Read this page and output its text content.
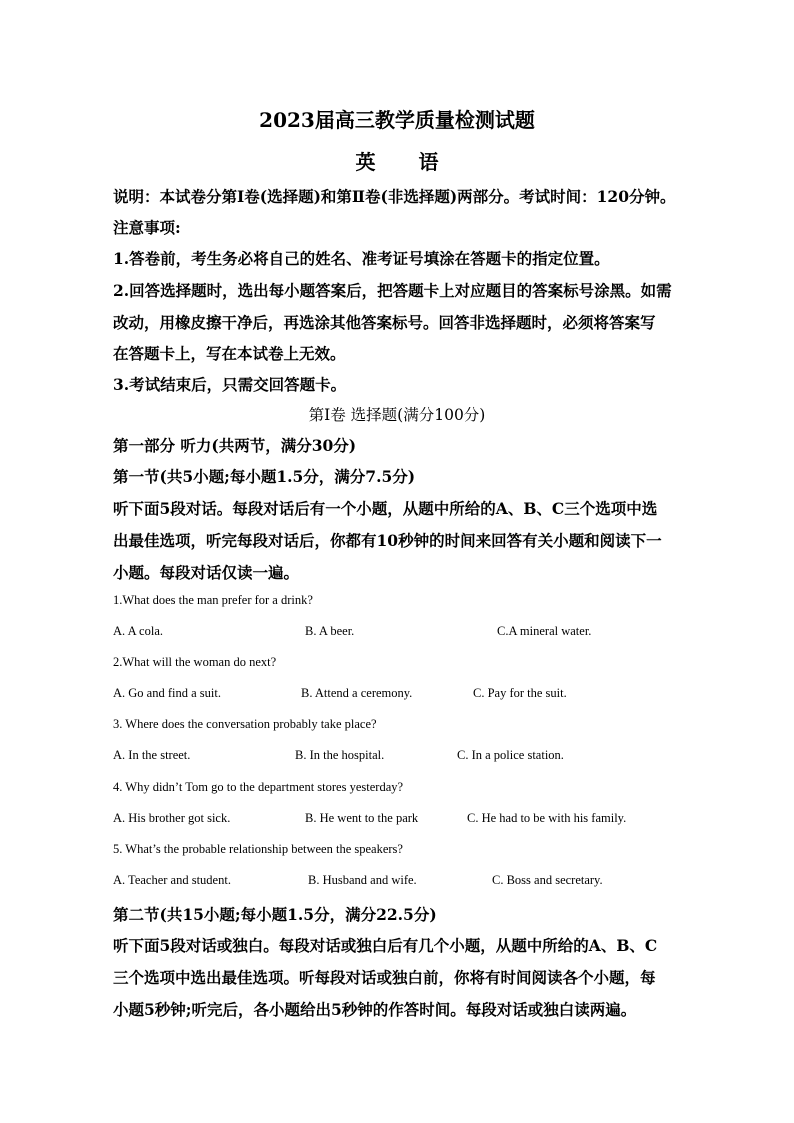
2023届高三教学质量检测试题
英 语
说明：本试卷分第Ⅰ卷(选择题)和第Ⅱ卷(非选择题)两部分。考试时间：120分钟。
注意事项:
1.答卷前，考生务必将自己的姓名、准考证号填涂在答题卡的指定位置。
2.回答选择题时，选出每小题答案后，把答题卡上对应题目的答案标号涂黑。如需
改动，用橡皮擦干净后，再选涂其他答案标号。回答非选择题时，必须将答案写
在答题卡上，写在本试卷上无效。
3.考试结束后，只需交回答题卡。
第Ⅰ卷 选择题(满分100分)
第一部分 听力(共两节，满分30分)
第一节(共5小题;每小题1.5分，满分7.5分)
听下面5段对话。每段对话后有一个小题，从题中所给的A、B、C三个选项中选
出最佳选项，听完每段对话后，你都有10秒钟的时间来回答有关小题和阅读下一
小题。每段对话仅读一遍。
1.What does the man prefer for a drink?
A. A cola.	B. A beer.	C.A mineral water.
2.What will the woman do next?
A. Go and find a suit.	B. Attend a ceremony.	C. Pay for the suit.
3. Where does the conversation probably take place?
A. In the street.	B. In the hospital.	C. In a police station.
4. Why didn’t Tom go to the department stores yesterday?
A. His brother got sick.	B. He went to the park	C. He had to be with his family.
5. What’s the probable relationship between the speakers?
A. Teacher and student.	B. Husband and wife.	C. Boss and secretary.
第二节(共15小题;每小题1.5分，满分22.5分)
听下面5段对话或独白。每段对话或独白后有几个小题，从题中所给的A、B、C
三个选项中选出最佳选项。听每段对话或独白前，你将有时间阅读各个小题，每
小题5秒钟;听完后，各小题给出5秒钟的作答时间。每段对话或独白读两遍。
